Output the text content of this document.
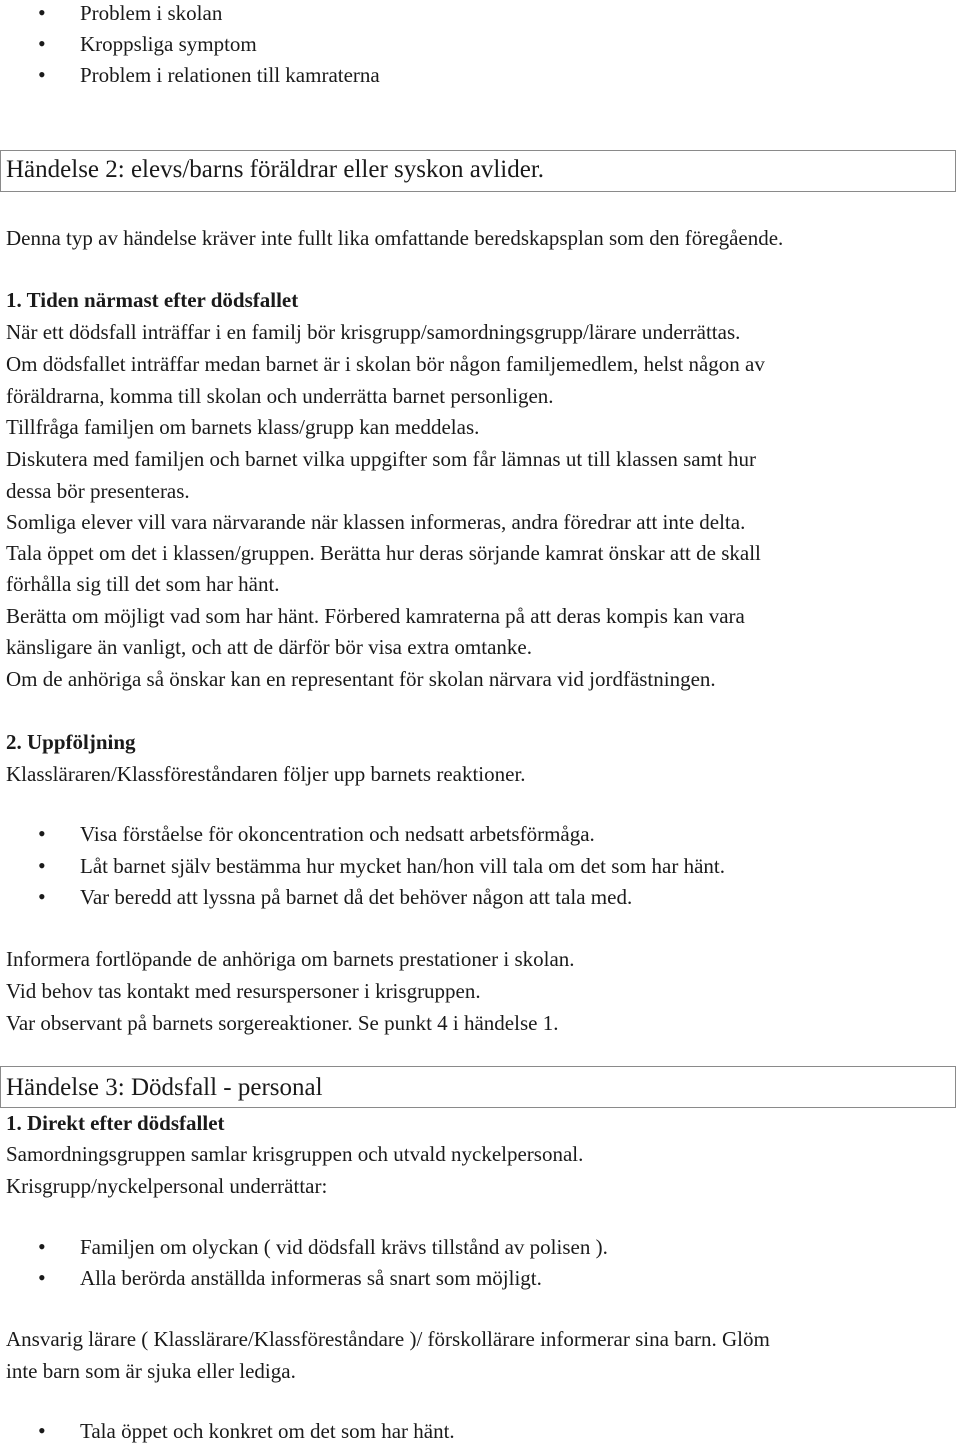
• Problem i skolan
• Kroppsliga symptom
• Problem i relationen till kamraterna
Händelse 2: elevs/barns föräldrar eller syskon avlider.
Denna typ av händelse kräver inte fullt lika omfattande beredskapsplan som den föregående.
1. Tiden närmast efter dödsfallet
När ett dödsfall inträffar i en familj bör krisgrupp/samordningsgrupp/lärare underrättas.
Om dödsfallet inträffar medan barnet är i skolan bör någon familjemedlem, helst någon av
föräldrarna, komma till skolan och underrätta barnet personligen.
Tillfråga familjen om barnets klass/grupp kan meddelas.
Diskutera med familjen och barnet vilka uppgifter som får lämnas ut till klassen samt hur
dessa bör presenteras.
Somliga elever vill vara närvarande när klassen informeras, andra föredrar att inte delta.
Tala öppet om det i klassen/gruppen. Berätta hur deras sörjande kamrat önskar att de skall
förhålla sig till det som har hänt.
Berätta om möjligt vad som har hänt. Förbered kamraterna på att deras kompis kan vara
känsligare än vanligt, och att de därför bör visa extra omtanke.
Om de anhöriga så önskar kan en representant för skolan närvara vid jordfästningen.
2. Uppföljning
Klassläraren/Klassföreståndaren följer upp barnets reaktioner.
• Visa förståelse för okoncentration och nedsatt arbetsförmåga.
• Låt barnet själv bestämma hur mycket han/hon vill tala om det som har hänt.
• Var beredd att lyssna på barnet då det behöver någon att tala med.
Informera fortlöpande de anhöriga om barnets prestationer i skolan.
Vid behov tas kontakt med resurspersoner i krisgruppen.
Var observant på barnets sorgereaktioner. Se punkt 4 i händelse 1.
Händelse 3: Dödsfall - personal
1. Direkt efter dödsfallet
Samordningsgruppen samlar krisgruppen och utvald nyckelpersonal.
Krisgrupp/nyckelpersonal underrättar:
• Familjen om olyckan ( vid dödsfall krävs tillstånd av polisen ).
• Alla berörda anställda informeras så snart som möjligt.
Ansvarig lärare ( Klasslärare/Klassföreståndare )/ förskollärare informerar sina barn. Glöm
inte barn som är sjuka eller lediga.
• Tala öppet och konkret om det som har hänt.
